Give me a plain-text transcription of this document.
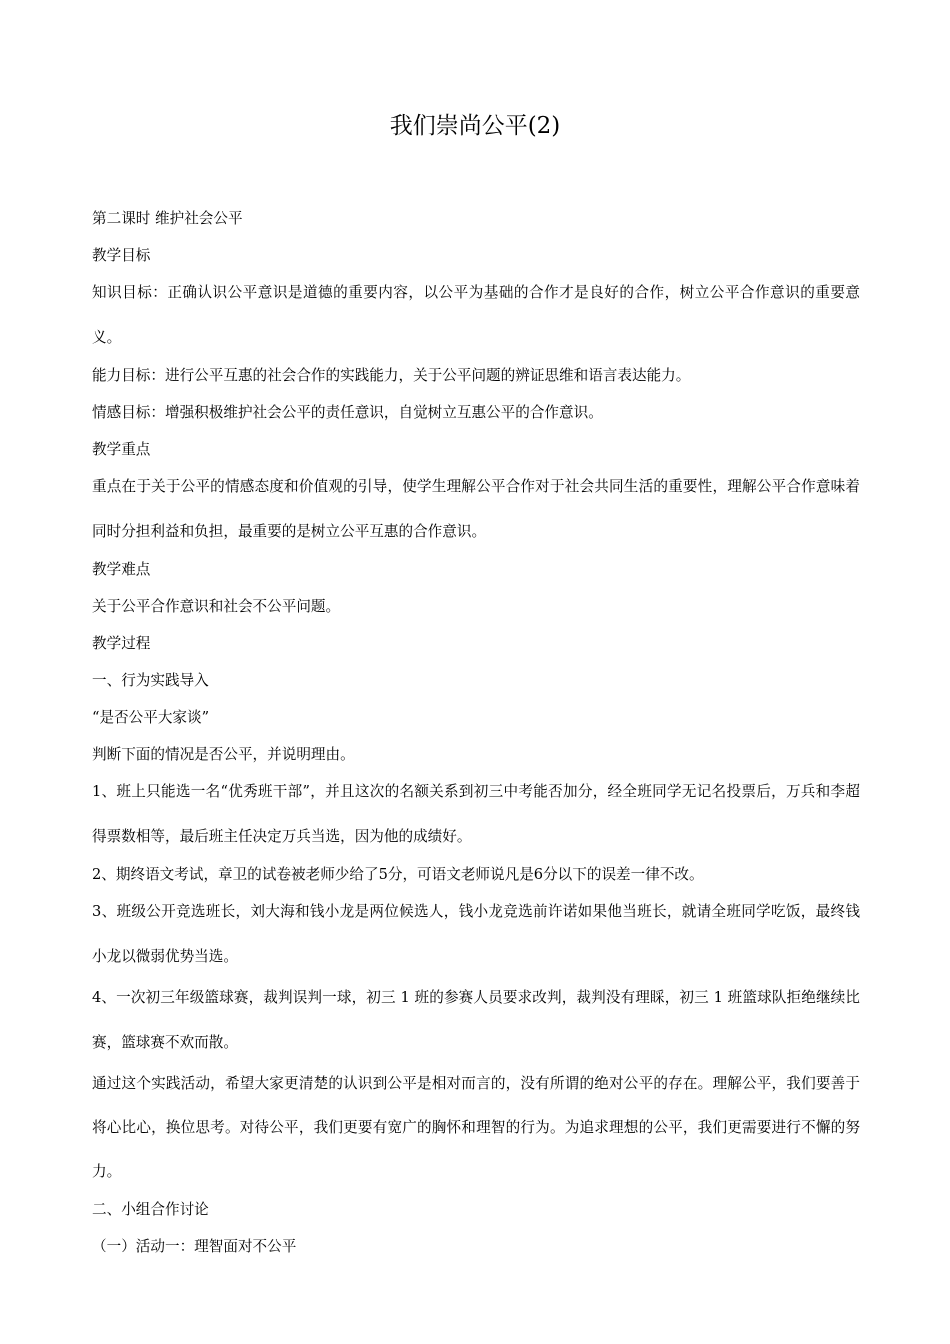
我们崇尚公平(2)

第二课时 维护社会公平

教学目标

知识目标：正确认识公平意识是道德的重要内容，以公平为基础的合作才是良好的合作，树立公平合作意识的重要意义。

能力目标：进行公平互惠的社会合作的实践能力，关于公平问题的辨证思维和语言表达能力。

情感目标：增强积极维护社会公平的责任意识，自觉树立互惠公平的合作意识。

教学重点

重点在于关于公平的情感态度和价值观的引导，使学生理解公平合作对于社会共同生活的重要性，理解公平合作意味着同时分担利益和负担，最重要的是树立公平互惠的合作意识。

教学难点

关于公平合作意识和社会不公平问题。

教学过程

一、行为实践导入

“是否公平大家谈”

判断下面的情况是否公平，并说明理由。

1、班上只能选一名“优秀班干部”，并且这次的名额关系到初三中考能否加分，经全班同学无记名投票后，万兵和李超得票数相等，最后班主任决定万兵当选，因为他的成绩好。

2、期终语文考试，章卫的试卷被老师少给了5分，可语文老师说凡是6分以下的误差一律不改。

3、班级公开竞选班长，刘大海和钱小龙是两位候选人，钱小龙竞选前许诺如果他当班长，就请全班同学吃饭，最终钱小龙以微弱优势当选。

4、一次初三年级篮球赛，裁判误判一球，初三 1 班的参赛人员要求改判，裁判没有理睬，初三 1 班篮球队拒绝继续比赛，篮球赛不欢而散。

通过这个实践活动，希望大家更清楚的认识到公平是相对而言的，没有所谓的绝对公平的存在。理解公平，我们要善于将心比心，换位思考。对待公平，我们更要有宽广的胸怀和理智的行为。为追求理想的公平，我们更需要进行不懈的努力。

二、小组合作讨论

（一）活动一：理智面对不公平
